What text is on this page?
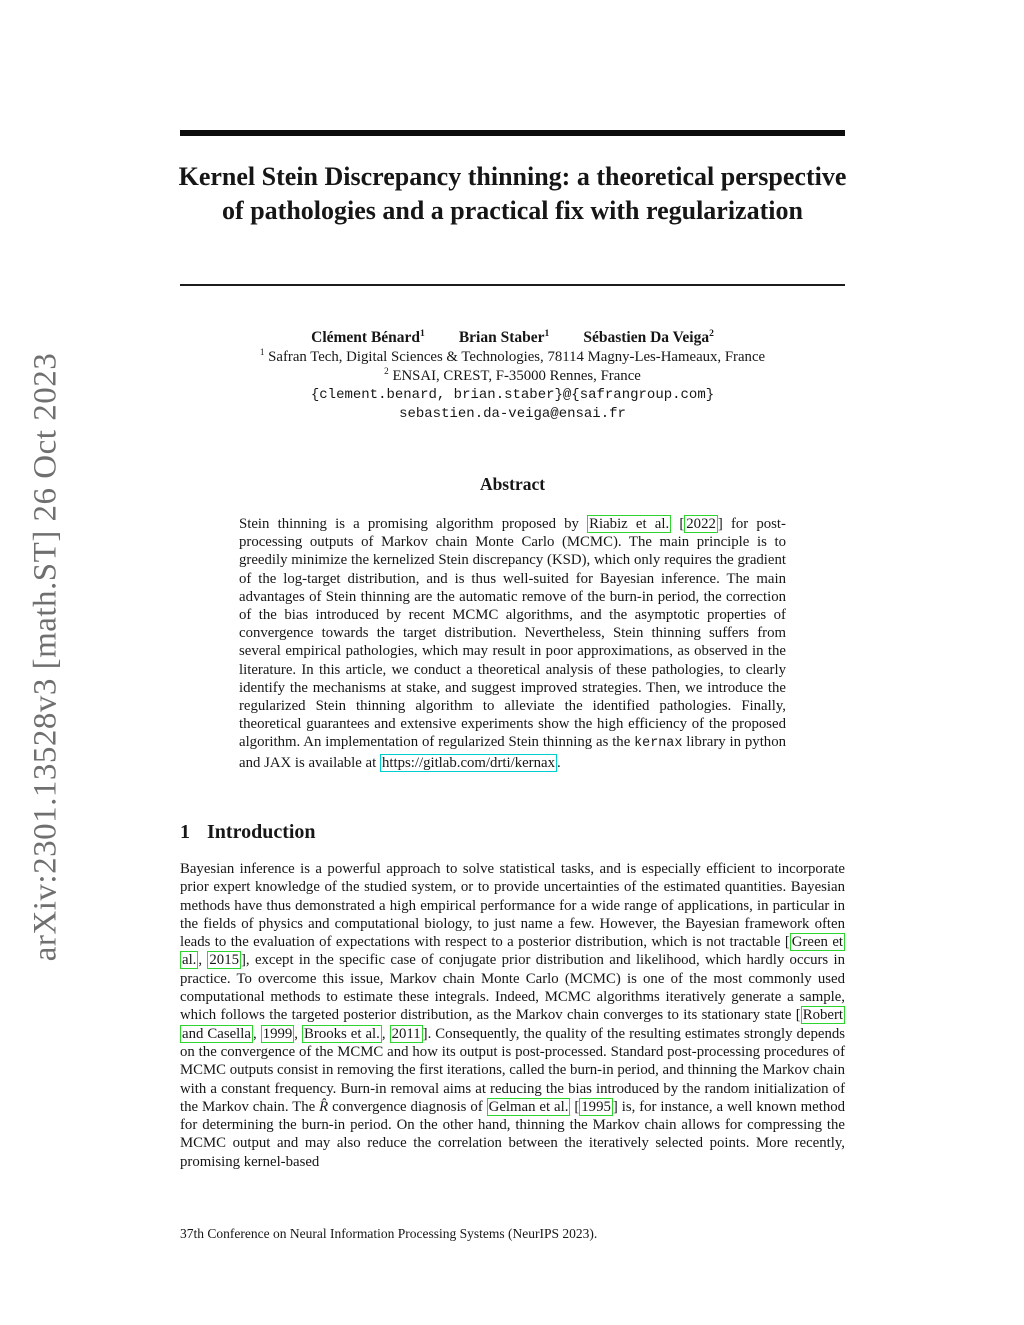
arXiv:2301.13528v3 [math.ST] 26 Oct 2023
Kernel Stein Discrepancy thinning: a theoretical perspective of pathologies and a practical fix with regularization
Clément Bénard$^1$ Brian Staber$^1$ Sébastien Da Veiga$^2$
$^1$ Safran Tech, Digital Sciences & Technologies, 78114 Magny-Les-Hameaux, France
$^2$ ENSAI, CREST, F-35000 Rennes, France
{clement.benard, brian.staber}@{safrangroup.com}
sebastien.da-veiga@ensai.fr
Abstract

Stein thinning is a promising algorithm proposed by Riabiz et al. [ 2022 ] for post-processing outputs of Markov chain Monte Carlo (MCMC). The main principle is to greedily minimize the kernelized Stein discrepancy (KSD), which only requires the gradient of the log-target distribution, and is thus well-suited for Bayesian inference. The main advantages of Stein thinning are the automatic remove of the burn-in period, the correction of the bias introduced by recent MCMC algorithms, and the asymptotic properties of convergence towards the target distribution. Nevertheless, Stein thinning suffers from several empirical pathologies, which may result in poor approximations, as observed in the literature. In this article, we conduct a theoretical analysis of these pathologies, to clearly identify the mechanisms at stake, and suggest improved strategies. Then, we introduce the regularized Stein thinning algorithm to alleviate the identified pathologies. Finally, theoretical guarantees and extensive experiments show the high efficiency of the proposed algorithm. An implementation of regularized Stein thinning as the kernax library in python and JAX is available at https://gitlab.com/drti/kernax .

1 Introduction

Bayesian inference is a powerful approach to solve statistical tasks, and is especially efficient to incorporate prior expert knowledge of the studied system, or to provide uncertainties of the estimated quantities. Bayesian methods have thus demonstrated a high empirical performance for a wide range of applications, in particular in the fields of physics and computational biology, to just name a few. However, the Bayesian framework often leads to the evaluation of expectations with respect to a posterior distribution, which is not tractable [ Green et al. , 2015 ], except in the specific case of conjugate prior distribution and likelihood, which hardly occurs in practice. To overcome this issue, Markov chain Monte Carlo (MCMC) is one of the most commonly used computational methods to estimate these integrals. Indeed, MCMC algorithms iteratively generate a sample, which follows the targeted posterior distribution, as the Markov chain converges to its stationary state [ Robert and Casella , 1999 , Brooks et al. , 2011 ]. Consequently, the quality of the resulting estimates strongly depends on the convergence of the MCMC and how its output is post-processed. Standard post-processing procedures of MCMC outputs consist in removing the first iterations, called the burn-in period, and thinning the Markov chain with a constant frequency. Burn-in removal aims at reducing the bias introduced by the random initialization of the Markov chain. The R̂ convergence diagnosis of Gelman et al. [ 1995 ] is, for instance, a well known method for determining the burn-in period. On the other hand, thinning the Markov chain allows for compressing the MCMC output and may also reduce the correlation between the iteratively selected points. More recently, promising kernel-based

37th Conference on Neural Information Processing Systems (NeurIPS 2023).
